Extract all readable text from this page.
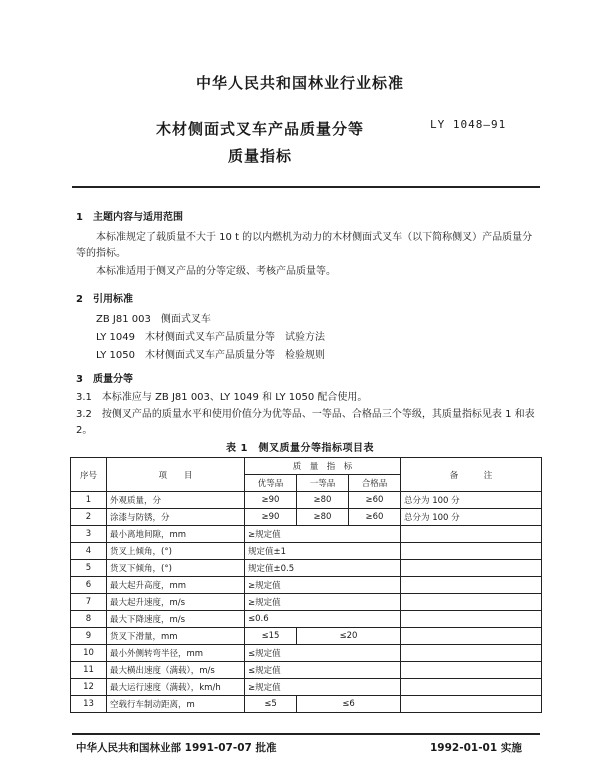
中华人民共和国林业行业标准
木材侧面式叉车产品质量分等
质量指标
LY 1048—91
1　主题内容与适用范围
本标准规定了载质量不大于 10 t 的以内燃机为动力的木材侧面式叉车（以下简称侧叉）产品质量分等的指标。
本标准适用于侧叉产品的分等定级、考核产品质量等。
2　引用标准
ZB J81 003　侧面式叉车
LY 1049　木材侧面式叉车产品质量分等　试验方法
LY 1050　木材侧面式叉车产品质量分等　检验规则
3　质量分等
3.1　本标准应与 ZB J81 003、LY 1049 和 LY 1050 配合使用。
3.2　按侧叉产品的质量水平和使用价值分为优等品、一等品、合格品三个等级，其质量指标见表 1 和表 2。
表 1　侧叉质量分等指标项目表
序号	项　　目	质　量　指　标			备　　　注
		优等品	一等品	合格品	
1	外观质量，分	≥90	≥80	≥60	总分为 100 分
2	涂漆与防锈，分	≥90	≥80	≥60	总分为 100 分
3	最小离地间隙，mm	≥规定值			
4	货叉上倾角，(°)	规定值±1			
5	货叉下倾角，(°)	规定值±0.5			
6	最大起升高度，mm	≥规定值			
7	最大起升速度，m/s	≥规定值			
8	最大下降速度，m/s	≤0.6			
9	货叉下滑量，mm	≤15	≤20		
10	最小外侧转弯半径，mm	≤规定值			
11	最大横出速度（满载），m/s	≤规定值			
12	最大运行速度（满载），km/h	≥规定值			
13	空载行车制动距离，m	≤5	≤6		
中华人民共和国林业部 1991-07-07 批准	1992-01-01 实施
